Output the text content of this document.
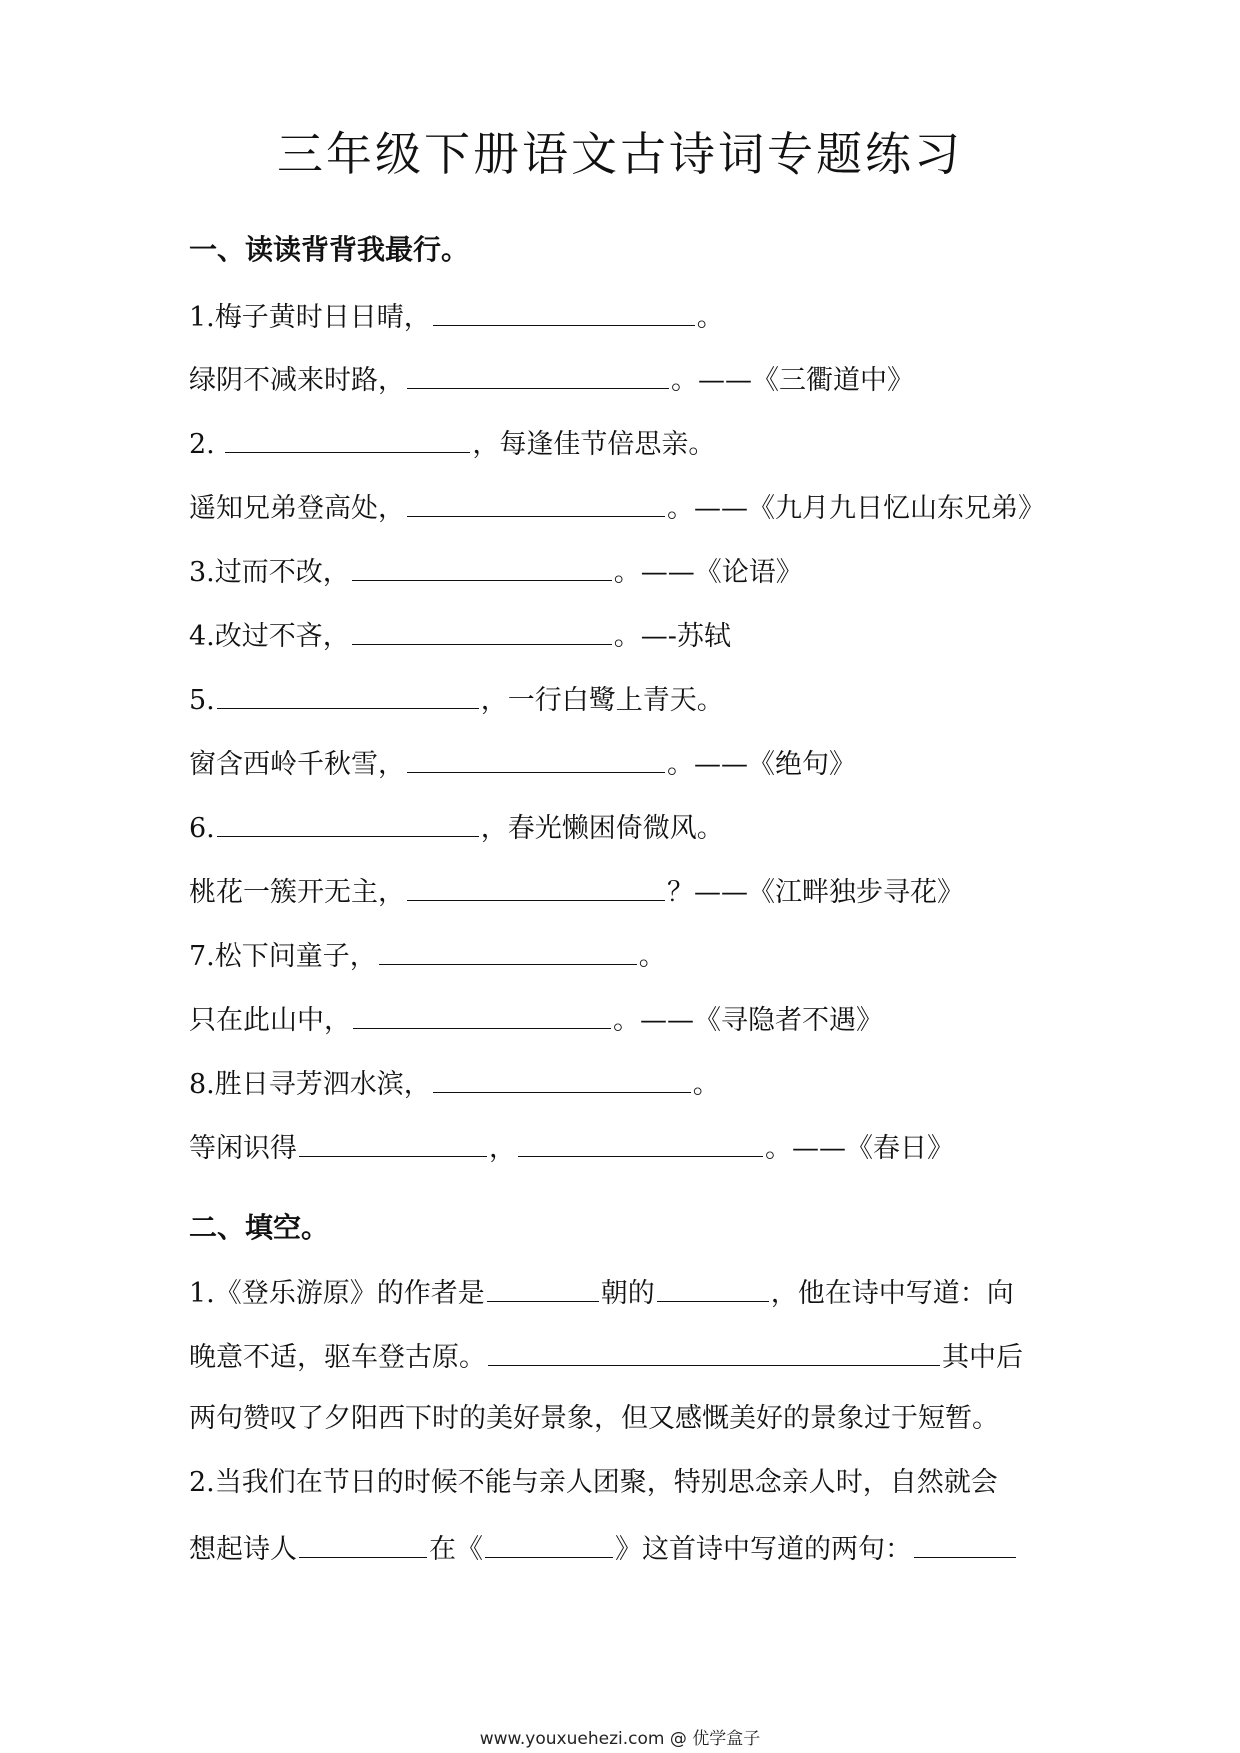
三年级下册语文古诗词专题练习
一、读读背背我最行。
1.梅子黄时日日晴，	。
绿阴不减来时路，	。——《三衢道中》
2.	，每逢佳节倍思亲。
遥知兄弟登高处，	。——《九月九日忆山东兄弟》
3.过而不改，	。——《论语》
4.改过不吝，	。—-苏轼
5.	，一行白鹭上青天。
窗含西岭千秋雪，	。——《绝句》
6.	，春光懒困倚微风。
桃花一簇开无主，	？——《江畔独步寻花》
7.松下问童子，	。
只在此山中，	。——《寻隐者不遇》
8.胜日寻芳泗水滨，	。
等闲识得	，	。——《春日》
二、填空。
1.《登乐游原》的作者是	朝的	，他在诗中写道：向
晚意不适，驱车登古原。	其中后
两句赞叹了夕阳西下时的美好景象，但又感慨美好的景象过于短暂。
2.当我们在节日的时候不能与亲人团聚，特别思念亲人时，自然就会
想起诗人	在《	》这首诗中写道的两句：
www.youxuehezi.com @ 优学盒子
